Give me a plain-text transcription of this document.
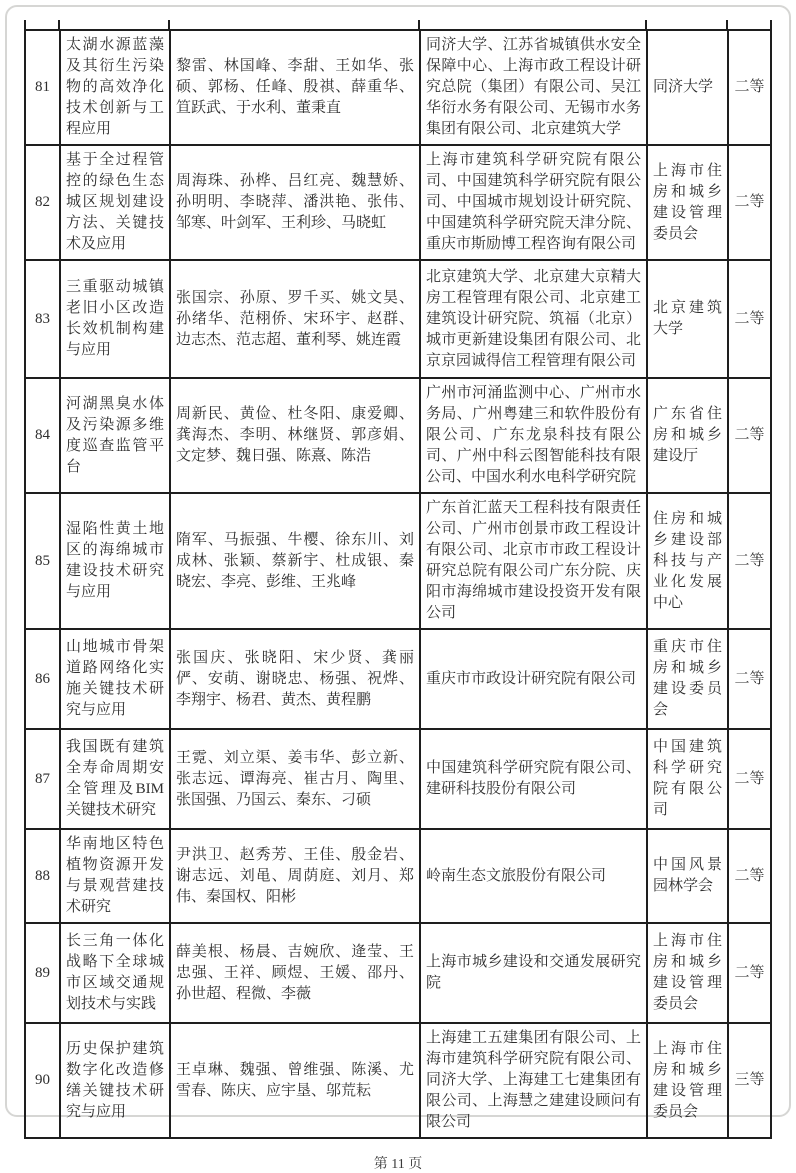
81	太湖水源蓝藻及其衍生污染物的高效净化技术创新与工程应用	黎雷、林国峰、李甜、王如华、张硕、郭杨、任峰、殷祺、薛重华、笪跃武、于水利、董秉直	同济大学、江苏省城镇供水安全保障中心、上海市政工程设计研究总院（集团）有限公司、吴江华衍水务有限公司、无锡市水务集团有限公司、北京建筑大学	同济大学	二等
82	基于全过程管控的绿色生态城区规划建设方法、关键技术及应用	周海珠、孙桦、吕红亮、魏慧娇、孙明明、李晓萍、潘洪艳、张伟、邹寒、叶剑军、王利珍、马晓虹	上海市建筑科学研究院有限公司、中国建筑科学研究院有限公司、中国城市规划设计研究院、中国建筑科学研究院天津分院、重庆市斯励博工程咨询有限公司	上海市住房和城乡建设管理委员会	二等
83	三重驱动城镇老旧小区改造长效机制构建与应用	张国宗、孙原、罗千买、姚文昊、孙绪华、范栩侨、宋环宇、赵群、边志杰、范志超、董利琴、姚连霞	北京建筑大学、北京建大京精大房工程管理有限公司、北京建工建筑设计研究院、筑福（北京）城市更新建设集团有限公司、北京京园诚得信工程管理有限公司	北京建筑大学	二等
84	河湖黑臭水体及污染源多维度巡查监管平台	周新民、黄俭、杜冬阳、康爱卿、龚海杰、李明、林继贤、郭彦娟、文定梦、魏日强、陈熹、陈浩	广州市河涌监测中心、广州市水务局、广州粤建三和软件股份有限公司、广东龙泉科技有限公司、广州中科云图智能科技有限公司、中国水利水电科学研究院	广东省住房和城乡建设厅	二等
85	湿陷性黄土地区的海绵城市建设技术研究与应用	隋军、马振强、牛樱、徐东川、刘成林、张颖、蔡新宇、杜成银、秦晓宏、李亮、彭维、王兆峰	广东首汇蓝天工程科技有限责任公司、广州市创景市政工程设计有限公司、北京市市政工程设计研究总院有限公司广东分院、庆阳市海绵城市建设投资开发有限公司	住房和城乡建设部科技与产业化发展中心	二等
86	山地城市骨架道路网络化实施关键技术研究与应用	张国庆、张晓阳、宋少贤、龚丽俨、安萌、谢晓忠、杨强、祝烨、李翔宇、杨君、黄杰、黄程鹏	重庆市市政设计研究院有限公司	重庆市住房和城乡建设委员会	二等
87	我国既有建筑全寿命周期安全管理及BIM关键技术研究	王霓、刘立渠、姜韦华、彭立新、张志远、谭海亮、崔古月、陶里、张国强、乃国云、秦东、刁硕	中国建筑科学研究院有限公司、建研科技股份有限公司	中国建筑科学研究院有限公司	二等
88	华南地区特色植物资源开发与景观营建技术研究	尹洪卫、赵秀芳、王佳、殷金岩、谢志远、刘黾、周荫庭、刘月、郑伟、秦国权、阳彬	岭南生态文旅股份有限公司	中国风景园林学会	二等
89	长三角一体化战略下全球城市区域交通规划技术与实践	薛美根、杨晨、吉婉欣、逄莹、王忠强、王祥、顾煜、王媛、邵丹、孙世超、程微、李薇	上海市城乡建设和交通发展研究院	上海市住房和城乡建设管理委员会	二等
90	历史保护建筑数字化改造修缮关键技术研究与应用	王卓琳、魏强、曾维强、陈溪、尤雪春、陈庆、应宇垦、邬荒耘	上海建工五建集团有限公司、上海市建筑科学研究院有限公司、同济大学、上海建工七建集团有限公司、上海慧之建建设顾问有限公司	上海市住房和城乡建设管理委员会	三等
第 11 页
